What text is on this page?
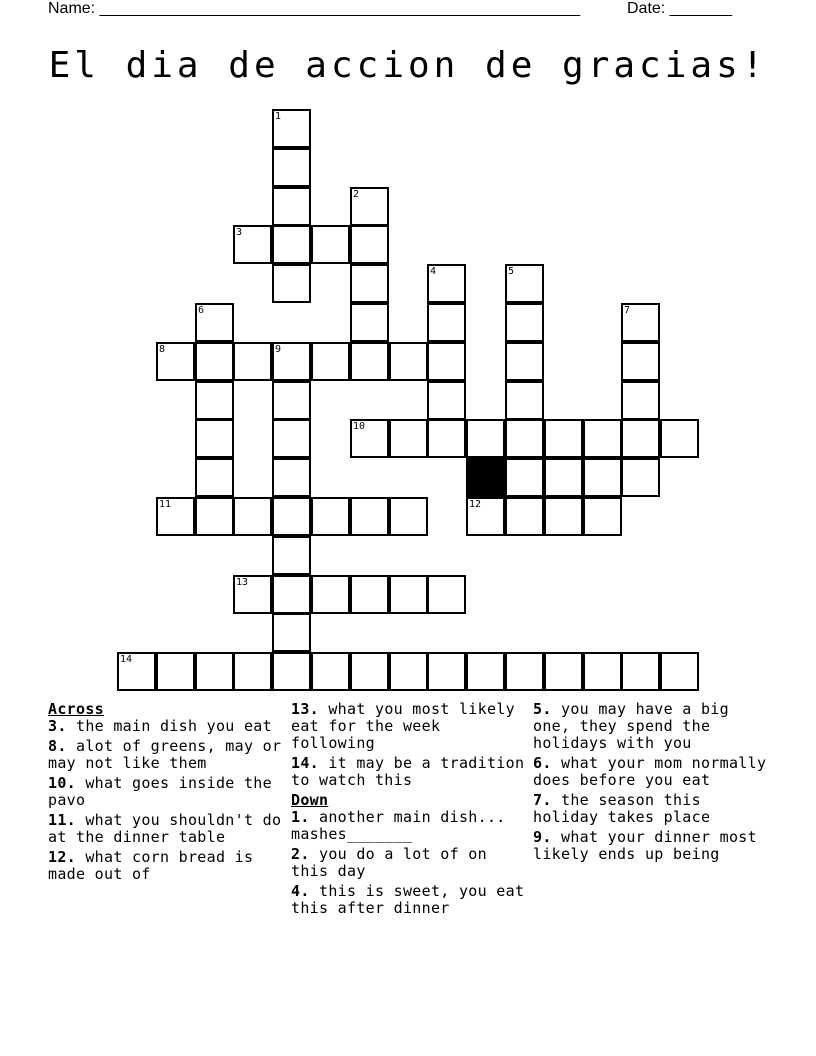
Name: ______________________________________________________	Date: _______
El dia de accion de gracias!
1
2
3
4	5
6	7
8	9
10
11	12
13
14
Across
3. the main dish you eat
8. alot of greens, may or may not like them
10. what goes inside the pavo
11. what you shouldn't do at the dinner table
12. what corn bread is made out of
13. what you most likely eat for the week following
14. it may be a tradition to watch this
Down
1. another main dish... mashes_______
2. you do a lot of on this day
4. this is sweet, you eat this after dinner
5. you may have a big one, they spend the holidays with you
6. what your mom normally does before you eat
7. the season this holiday takes place
9. what your dinner most likely ends up being
